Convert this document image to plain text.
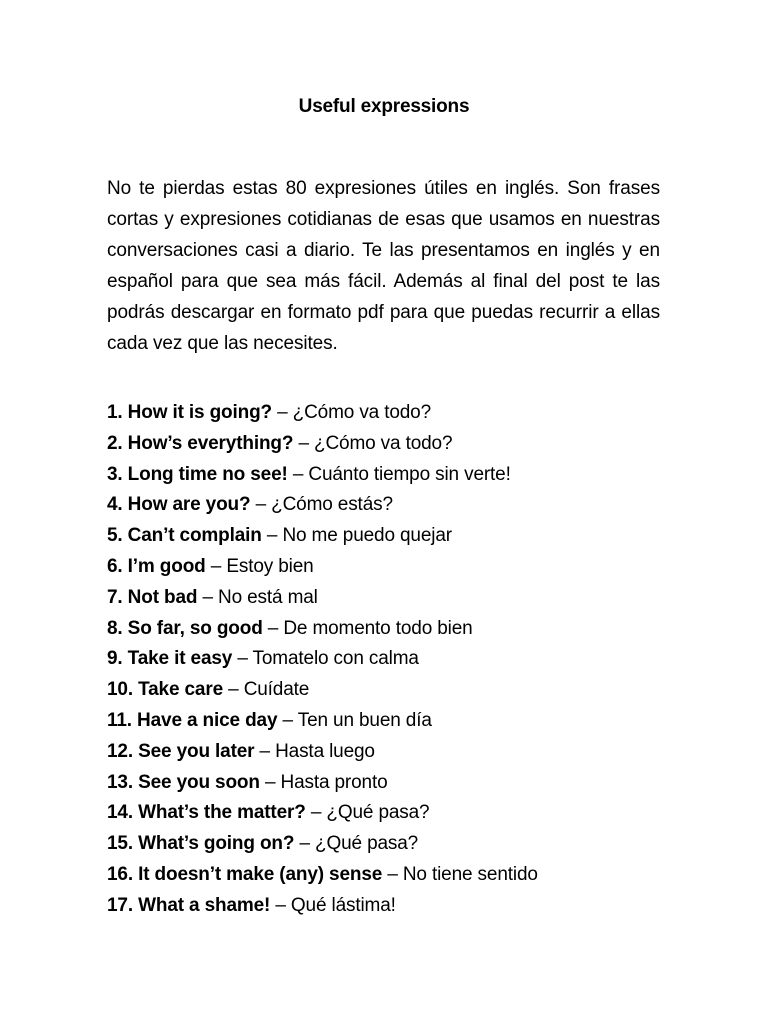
Useful expressions

No te pierdas estas 80 expresiones útiles en inglés. Son frases cortas y expresiones cotidianas de esas que usamos en nuestras conversaciones casi a diario. Te las presentamos en inglés y en español para que sea más fácil. Además al final del post te las podrás descargar en formato pdf para que puedas recurrir a ellas cada vez que las necesites.

1. How it is going? – ¿Cómo va todo?
2. How’s everything? – ¿Cómo va todo?
3. Long time no see! – Cuánto tiempo sin verte!
4. How are you? – ¿Cómo estás?
5. Can’t complain – No me puedo quejar
6. I’m good – Estoy bien
7. Not bad – No está mal
8. So far, so good – De momento todo bien
9. Take it easy – Tomatelo con calma
10. Take care – Cuídate
11. Have a nice day – Ten un buen día
12. See you later – Hasta luego
13. See you soon – Hasta pronto
14. What’s the matter? – ¿Qué pasa?
15. What’s going on? – ¿Qué pasa?
16. It doesn’t make (any) sense – No tiene sentido
17. What a shame! – Qué lástima!
